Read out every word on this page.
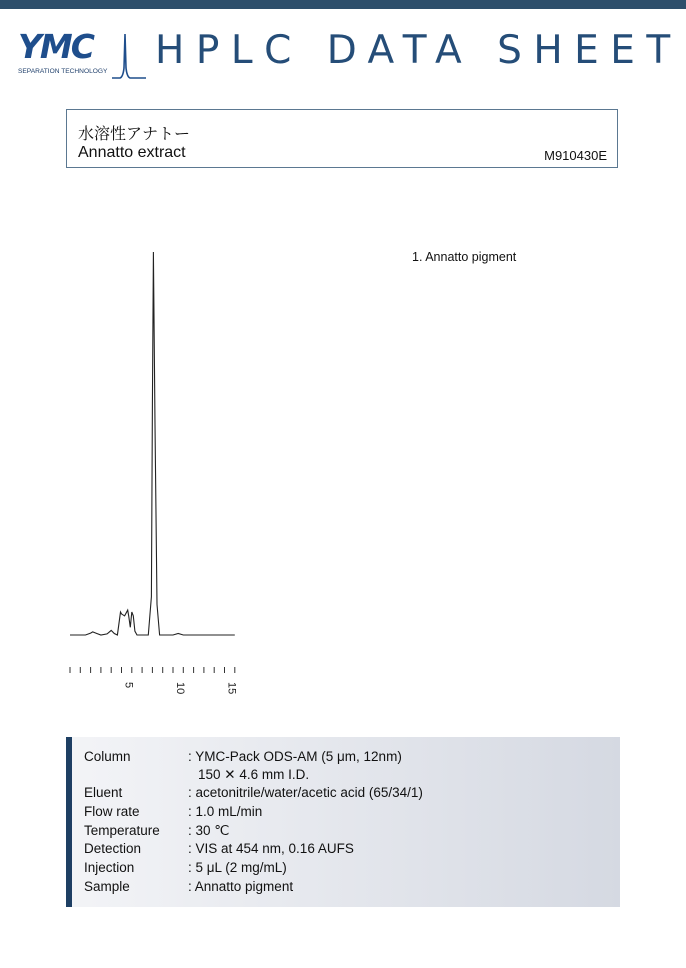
YMC
SEPARATION TECHNOLOGY HPLC DATA SHEET
水溶性アナトー
Annatto extract	M910430E
1. Annatto pigment
5	10	15
Column	: YMC-Pack ODS-AM (5 μm, 12nm)
150 ✕ 4.6 mm I.D.
Eluent	: acetonitrile/water/acetic acid (65/34/1)
Flow rate	: 1.0 mL/min
Temperature : 30 ℃
Detection	: VIS at 454 nm, 0.16 AUFS
Injection	: 5 μL (2 mg/mL)
Sample	: Annatto pigment
